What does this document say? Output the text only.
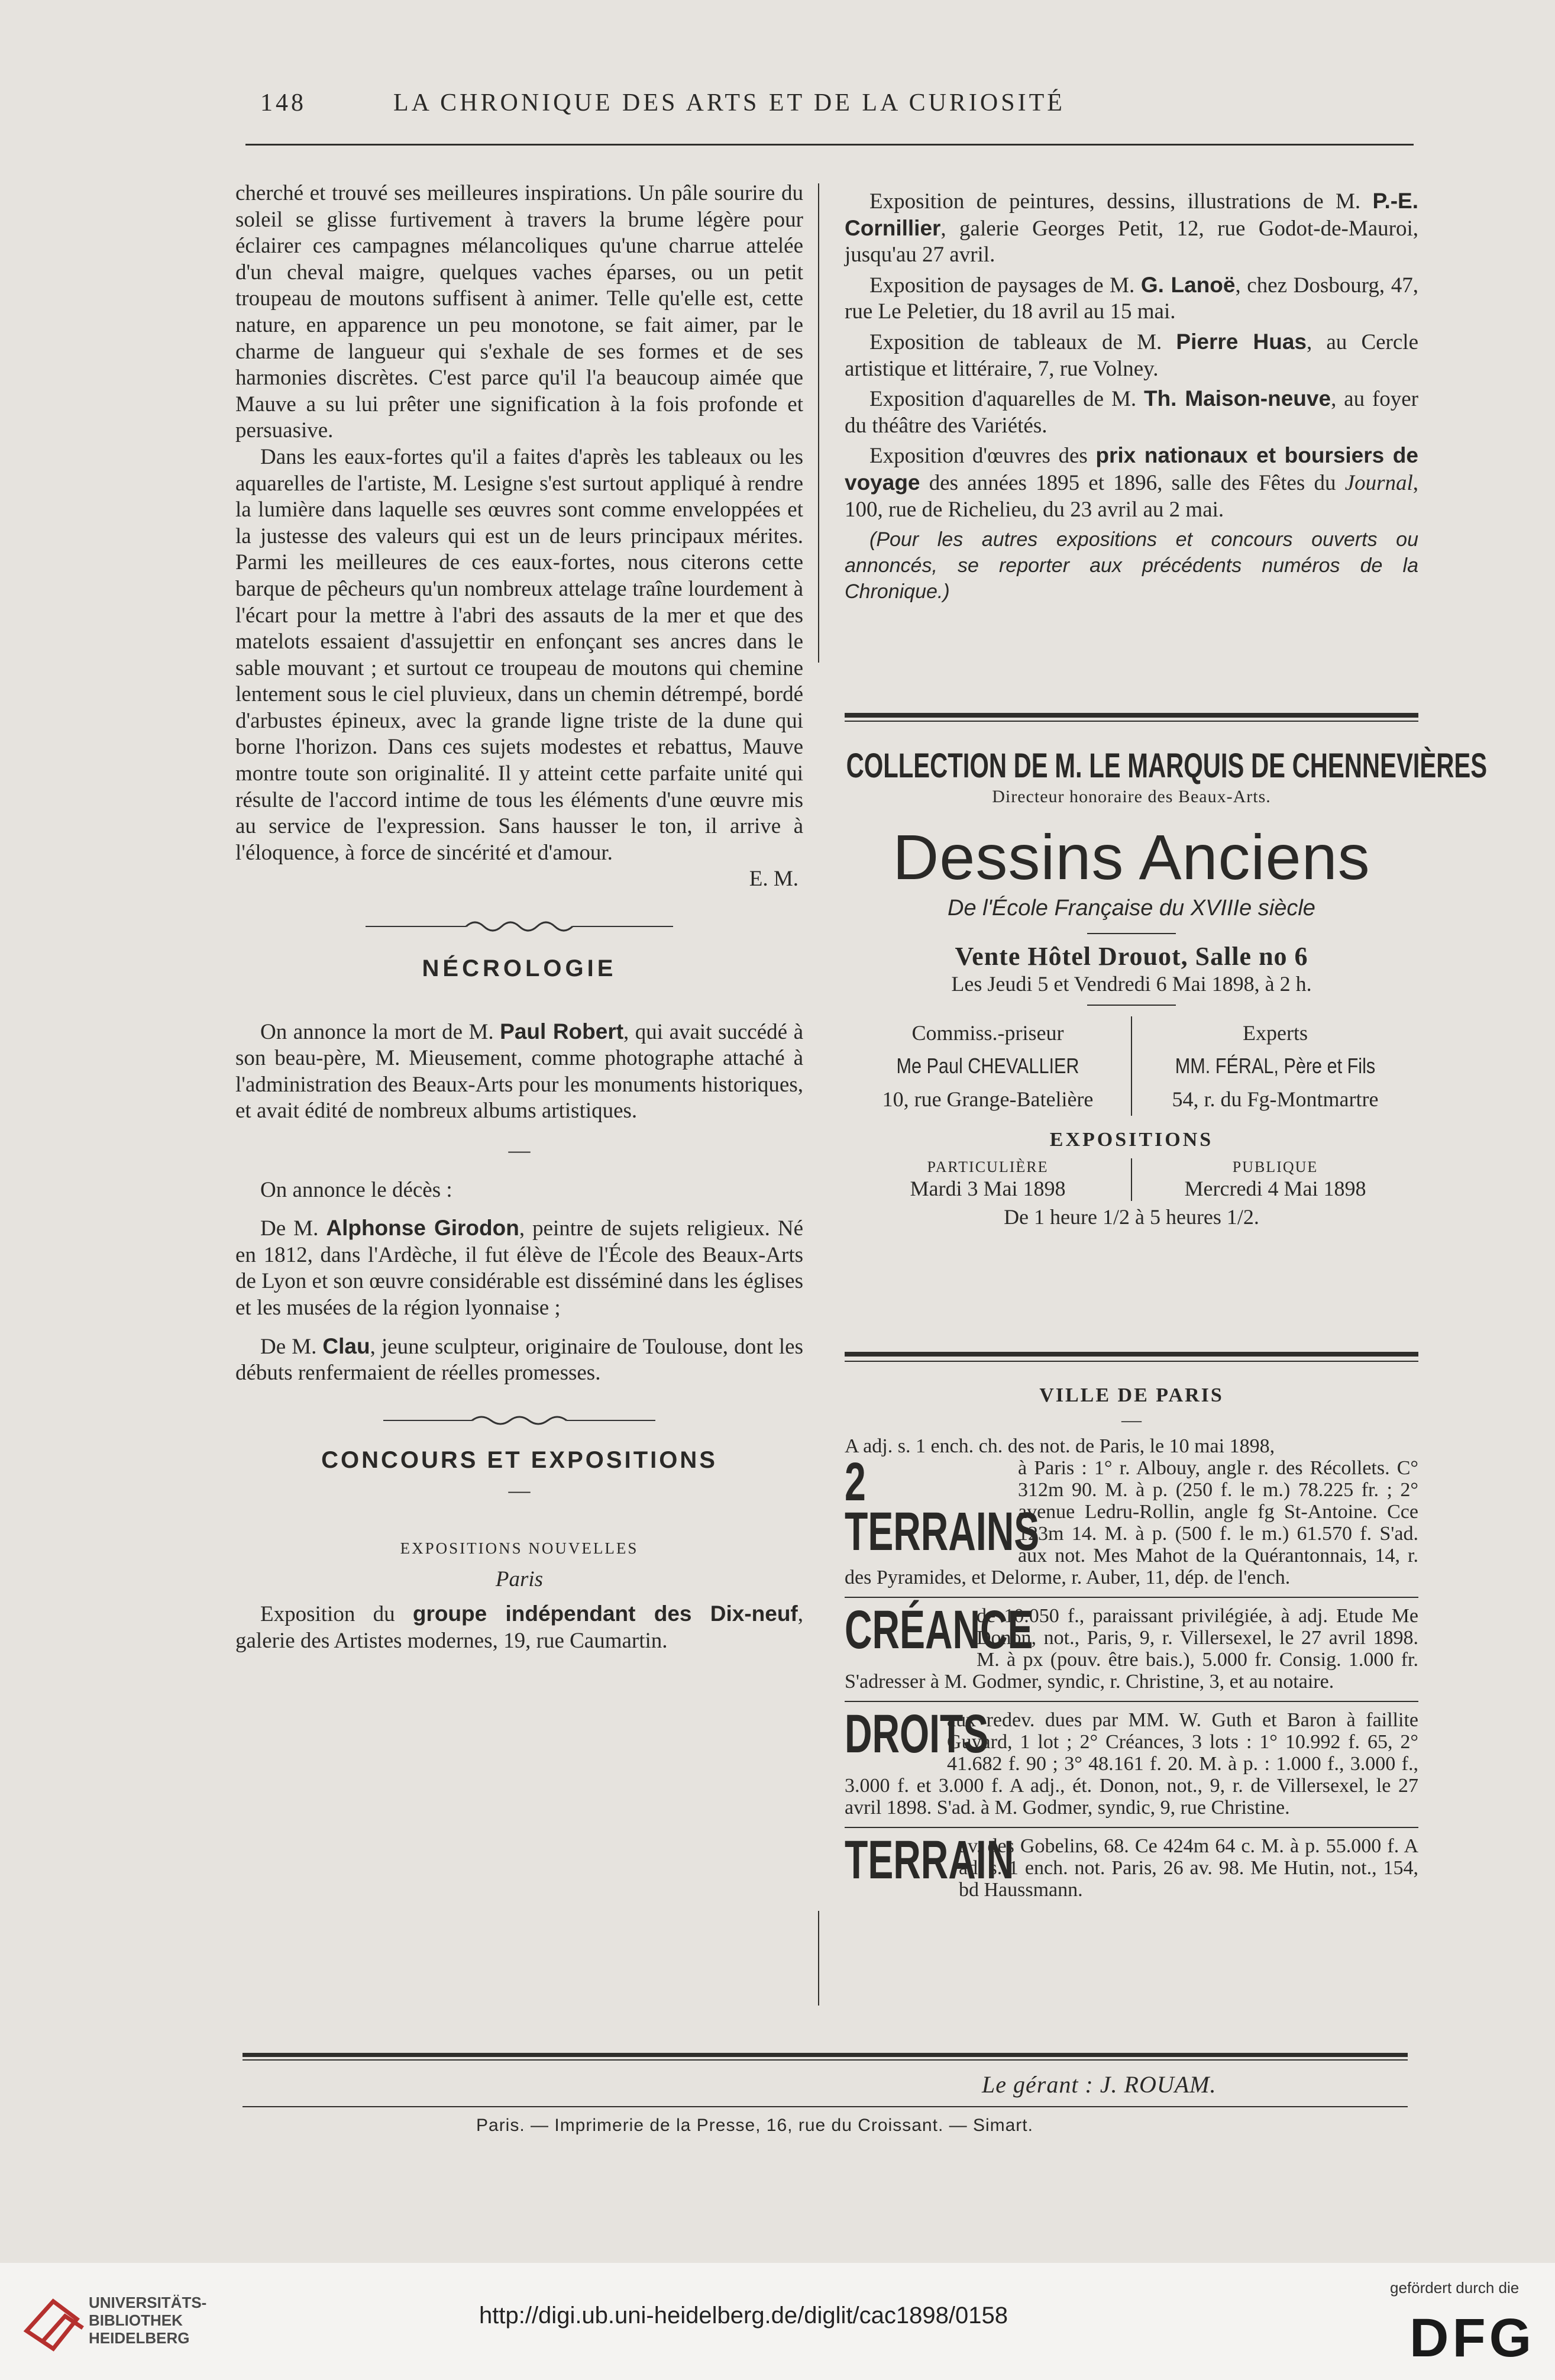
148	LA CHRONIQUE DES ARTS ET DE LA CURIOSITÉ

cherché et trouvé ses meilleures inspirations. Un pâle sourire du soleil se glisse furtivement à travers la brume légère pour éclairer ces campagnes mélancoliques qu'une charrue attelée d'un cheval maigre, quelques vaches éparses, ou un petit troupeau de moutons suffisent à animer. Telle qu'elle est, cette nature, en apparence un peu monotone, se fait aimer, par le charme de langueur qui s'exhale de ses formes et de ses harmonies discrètes. C'est parce qu'il l'a beaucoup aimée que Mauve a su lui prêter une signification à la fois profonde et persuasive.

Dans les eaux-fortes qu'il a faites d'après les tableaux ou les aquarelles de l'artiste, M. Lesigne s'est surtout appliqué à rendre la lumière dans laquelle ses œuvres sont comme enveloppées et la justesse des valeurs qui est un de leurs principaux mérites. Parmi les meilleures de ces eaux-fortes, nous citerons cette barque de pêcheurs qu'un nombreux attelage traîne lourdement à l'écart pour la mettre à l'abri des assauts de la mer et que des matelots essaient d'assujettir en enfonçant ses ancres dans le sable mouvant ; et surtout ce troupeau de moutons qui chemine lentement sous le ciel pluvieux, dans un chemin détrempé, bordé d'arbustes épineux, avec la grande ligne triste de la dune qui borne l'horizon. Dans ces sujets modestes et rebattus, Mauve montre toute son originalité. Il y atteint cette parfaite unité qui résulte de l'accord intime de tous les éléments d'une œuvre mis au service de l'expression. Sans hausser le ton, il arrive à l'éloquence, à force de sincérité et d'amour.

E. M.

NÉCROLOGIE

On annonce la mort de M. Paul Robert, qui avait succédé à son beau-père, M. Mieusement, comme photographe attaché à l'administration des Beaux-Arts pour les monuments historiques, et avait édité de nombreux albums artistiques.

—

On annonce le décès :

De M. Alphonse Girodon, peintre de sujets religieux. Né en 1812, dans l'Ardèche, il fut élève de l'École des Beaux-Arts de Lyon et son œuvre considérable est disséminé dans les églises et les musées de la région lyonnaise ;

De M. Clau, jeune sculpteur, originaire de Toulouse, dont les débuts renfermaient de réelles promesses.

CONCOURS ET EXPOSITIONS
—
EXPOSITIONS NOUVELLES
Paris

Exposition du groupe indépendant des Dix-neuf, galerie des Artistes modernes, 19, rue Caumartin.

Exposition de peintures, dessins, illustrations de M. P.-E. Cornillier, galerie Georges Petit, 12, rue Godot-de-Mauroi, jusqu'au 27 avril.

Exposition de paysages de M. G. Lanoë, chez Dosbourg, 47, rue Le Peletier, du 18 avril au 15 mai.

Exposition de tableaux de M. Pierre Huas, au Cercle artistique et littéraire, 7, rue Volney.

Exposition d'aquarelles de M. Th. Maison-neuve, au foyer du théâtre des Variétés.

Exposition d'œuvres des prix nationaux et boursiers de voyage des années 1895 et 1896, salle des Fêtes du Journal, 100, rue de Richelieu, du 23 avril au 2 mai.

(Pour les autres expositions et concours ouverts ou annoncés, se reporter aux précédents numéros de la Chronique.)

COLLECTION DE M. LE MARQUIS DE CHENNEVIÈRES
Directeur honoraire des Beaux-Arts.
Dessins Anciens
De l'École Française du XVIIIe siècle
Vente Hôtel Drouot, Salle no 6
Les Jeudi 5 et Vendredi 6 Mai 1898, à 2 h.
Commiss.-priseur
Me Paul CHEVALLIER
10, rue Grange-Batelière
Experts
MM. FÉRAL, Père et Fils
54, r. du Fg-Montmartre
EXPOSITIONS
PARTICULIÈRE
Mardi 3 Mai 1898
PUBLIQUE
Mercredi 4 Mai 1898
De 1 heure 1/2 à 5 heures 1/2.
VILLE DE PARIS
—
A adj. s. 1 ench. ch. des not. de Paris, le 10 mai 1898,
2 TERRAINS
à Paris : 1° r. Albouy, angle r. des Récollets. C° 312m 90. M. à p. (250 f. le m.) 78.225 fr. ; 2° avenue Ledru-Rollin, angle fg St-Antoine. Cce 123m 14. M. à p. (500 f. le m.) 61.570 f. S'ad. aux not. Mes Mahot de la Quérantonnais, 14, r. des Pyramides, et Delorme, r. Auber, 11, dép. de l'ench.
CRÉANCE
de 10.050 f., paraissant privilégiée, à adj. Etude Me Donon, not., Paris, 9, r. Villersexel, le 27 avril 1898. M. à px (pouv. être bais.), 5.000 fr. Consig. 1.000 fr. S'adresser à M. Godmer, syndic, r. Christine, 3, et au notaire.
DROITS
aux redev. dues par MM. W. Guth et Baron à faillite Guyard, 1 lot ; 2° Créances, 3 lots : 1° 10.992 f. 65, 2° 41.682 f. 90 ; 3° 48.161 f. 20. M. à p. : 1.000 f., 3.000 f., 3.000 f. et 3.000 f. A adj., ét. Donon, not., 9, r. de Villersexel, le 27 avril 1898. S'ad. à M. Godmer, syndic, 9, rue Christine.
TERRAIN
av. des Gobelins, 68. Ce 424m 64 c. M. à p. 55.000 f. A ad. s. 1 ench. not. Paris, 26 av. 98. Me Hutin, not., 154, bd Haussmann.
Le gérant : J. ROUAM.
Paris. — Imprimerie de la Presse, 16, rue du Croissant. — Simart.
UNIVERSITÄTS-
BIBLIOTHEK
HEIDELBERG
http://digi.ub.uni-heidelberg.de/diglit/cac1898/0158
gefördert durch die
DFG
